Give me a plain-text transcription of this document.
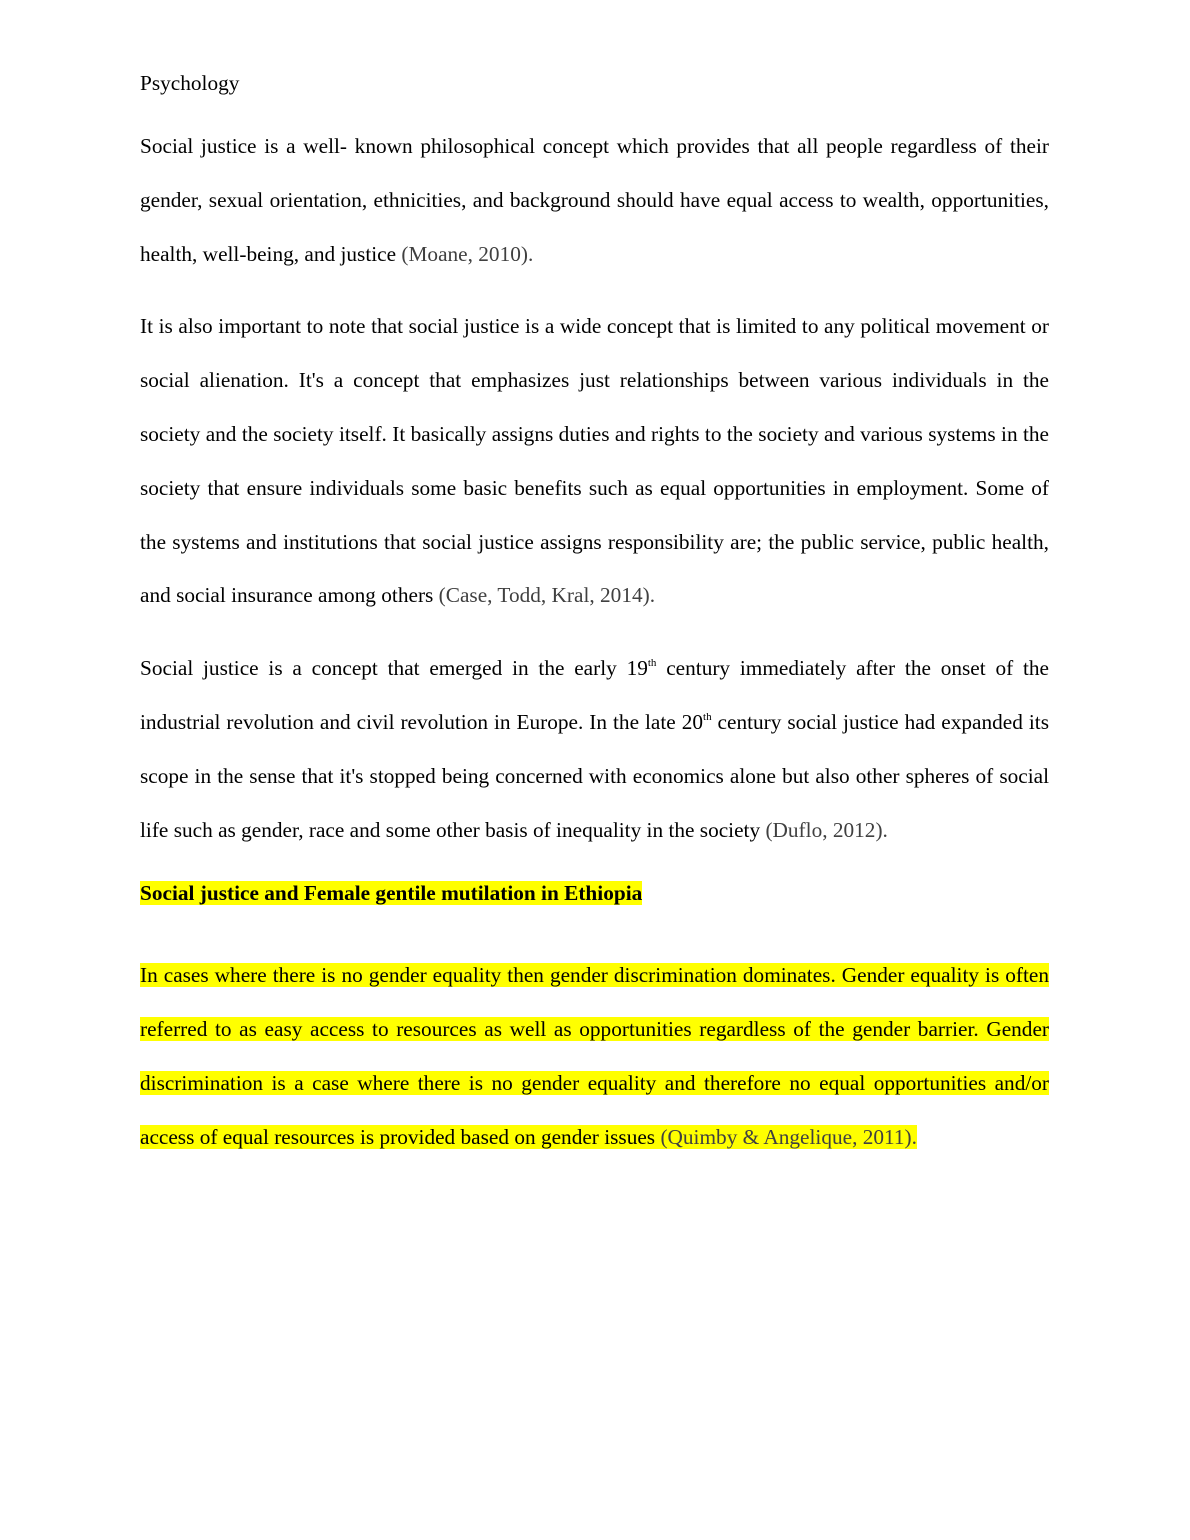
Psychology

Social justice is a well- known philosophical concept which provides that all people regardless of their gender, sexual orientation, ethnicities, and background should have equal access to wealth, opportunities, health, well-being, and justice (Moane, 2010).

It is also important to note that social justice is a wide concept that is limited to any political movement or social alienation. It's a concept that emphasizes just relationships between various individuals in the society and the society itself. It basically assigns duties and rights to the society and various systems in the society that ensure individuals some basic benefits such as equal opportunities in employment. Some of the systems and institutions that social justice assigns responsibility are; the public service, public health, and social insurance among others (Case, Todd, Kral, 2014).

Social justice is a concept that emerged in the early 19th century immediately after the onset of the industrial revolution and civil revolution in Europe. In the late 20th century social justice had expanded its scope in the sense that it's stopped being concerned with economics alone but also other spheres of social life such as gender, race and some other basis of inequality in the society (Duflo, 2012).

Social justice and Female gentile mutilation in Ethiopia

In cases where there is no gender equality then gender discrimination dominates. Gender equality is often referred to as easy access to resources as well as opportunities regardless of the gender barrier. Gender discrimination is a case where there is no gender equality and therefore no equal opportunities and/or access of equal resources is provided based on gender issues (Quimby & Angelique, 2011).
